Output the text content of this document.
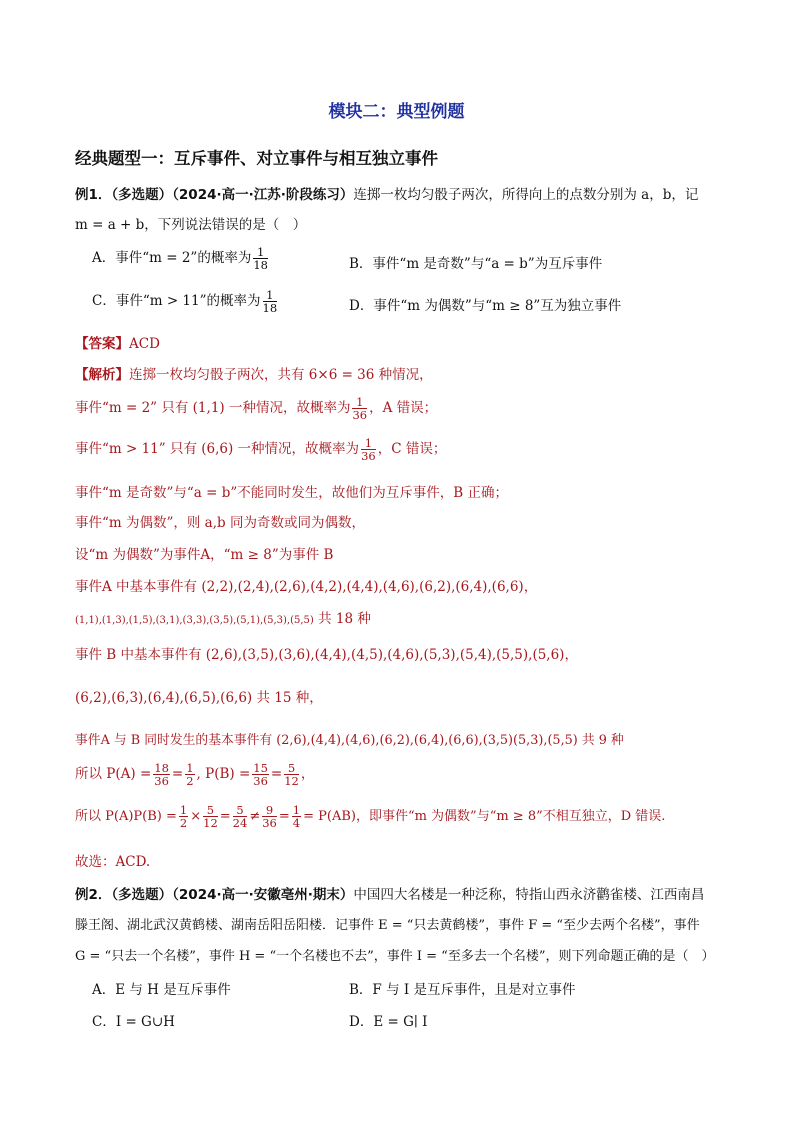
模块二：典型例题
经典题型一：互斥事件、对立事件与相互独立事件
例1．（多选题）（2024·高一·江苏·阶段练习）连掷一枚均匀骰子两次，所得向上的点数分别为 a，b，记
m = a + b，下列说法错误的是（　）
A．事件“m = 2”的概率为 $\frac{1}{18}$	B．事件“m 是奇数”与“a = b”为互斥事件
C．事件“m > 11”的概率为 $\frac{1}{18}$	D．事件“m 为偶数”与“m ≥ 8”互为独立事件
【答案】ACD
【解析】连掷一枚均匀骰子两次，共有 6×6 = 36 种情况，
事件“m = 2” 只有 (1,1) 一种情况，故概率为 $\frac{1}{36}$ ，A 错误；
事件“m > 11” 只有 (6,6) 一种情况，故概率为 $\frac{1}{36}$ ，C 错误；
事件“m 是奇数”与“a = b”不能同时发生，故他们为互斥事件，B 正确；
事件“m 为偶数”，则 a,b 同为奇数或同为偶数，
设“m 为偶数”为事件A，“m ≥ 8”为事件 B
事件A 中基本事件有 (2,2),(2,4),(2,6),(4,2),(4,4),(4,6),(6,2),(6,4),(6,6)，
(1,1),(1,3),(1,5),(3,1),(3,3),(3,5),(5,1),(5,3),(5,5) 共 18 种
事件 B 中基本事件有 (2,6),(3,5),(3,6),(4,4),(4,5),(4,6),(5,3),(5,4),(5,5),(5,6)，
(6,2),(6,3),(6,4),(6,5),(6,6) 共 15 种，
事件A 与 B 同时发生的基本事件有 (2,6),(4,4),(4,6),(6,2),(6,4),(6,6),(3,5)(5,3),(5,5) 共 9 种
所以 $P(A) = \frac{18}{36} = \frac{1}{2}$ , $P(B) = \frac{15}{36} = \frac{5}{12}$ ，
所以 $P(A)P(B) = \frac{1}{2} \times \frac{5}{12} = \frac{5}{24} \ne \frac{9}{36} = \frac{1}{4} = P(AB)$，即事件“m 为偶数”与“m ≥ 8”不相互独立，D 错误.
故选：ACD.
例2．（多选题）（2024·高一·安徽亳州·期末）中国四大名楼是一种泛称，特指山西永济鹳雀楼、江西南昌
滕王阁、湖北武汉黄鹤楼、湖南岳阳岳阳楼．记事件 E = “只去黄鹤楼”，事件 F = “至少去两个名楼”，事件
G = “只去一个名楼”，事件 H = “一个名楼也不去”，事件 I = “至多去一个名楼”，则下列命题正确的是（　）
A．E 与 H 是互斥事件	B．F 与 I 是互斥事件，且是对立事件
C．I = G∪H	D．E = G∣ I
